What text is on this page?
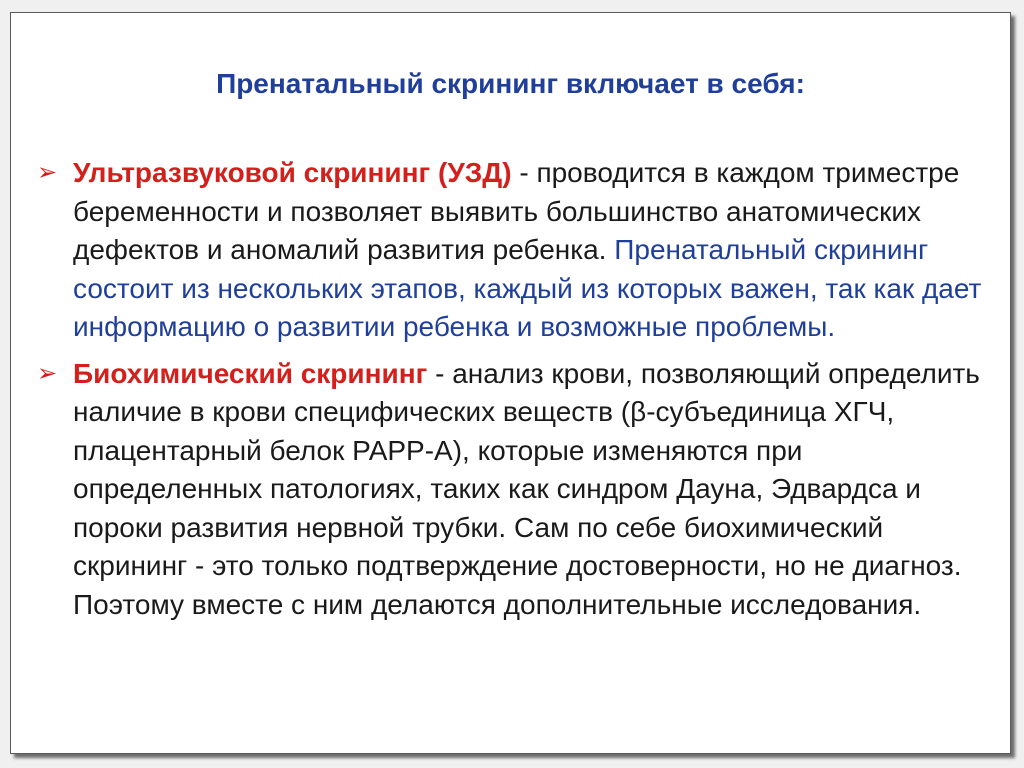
Пренатальный скрининг включает в себя:
➢ Ультразвуковой скрининг (УЗД) - проводится в каждом триместре беременности и позволяет выявить большинство анатомических дефектов и аномалий развития ребенка. Пренатальный скрининг состоит из нескольких этапов, каждый из которых важен, так как дает информацию о развитии ребенка и возможные проблемы.
➢ Биохимический скрининг - анализ крови, позволяющий определить наличие в крови специфических веществ (β-субъединица ХГЧ, плацентарный белок PAPP-A), которые изменяются при определенных патологиях, таких как синдром Дауна, Эдвардса и пороки развития нервной трубки. Сам по себе биохимический скрининг - это только подтверждение достоверности, но не диагноз. Поэтому вместе с ним делаются дополнительные исследования.
